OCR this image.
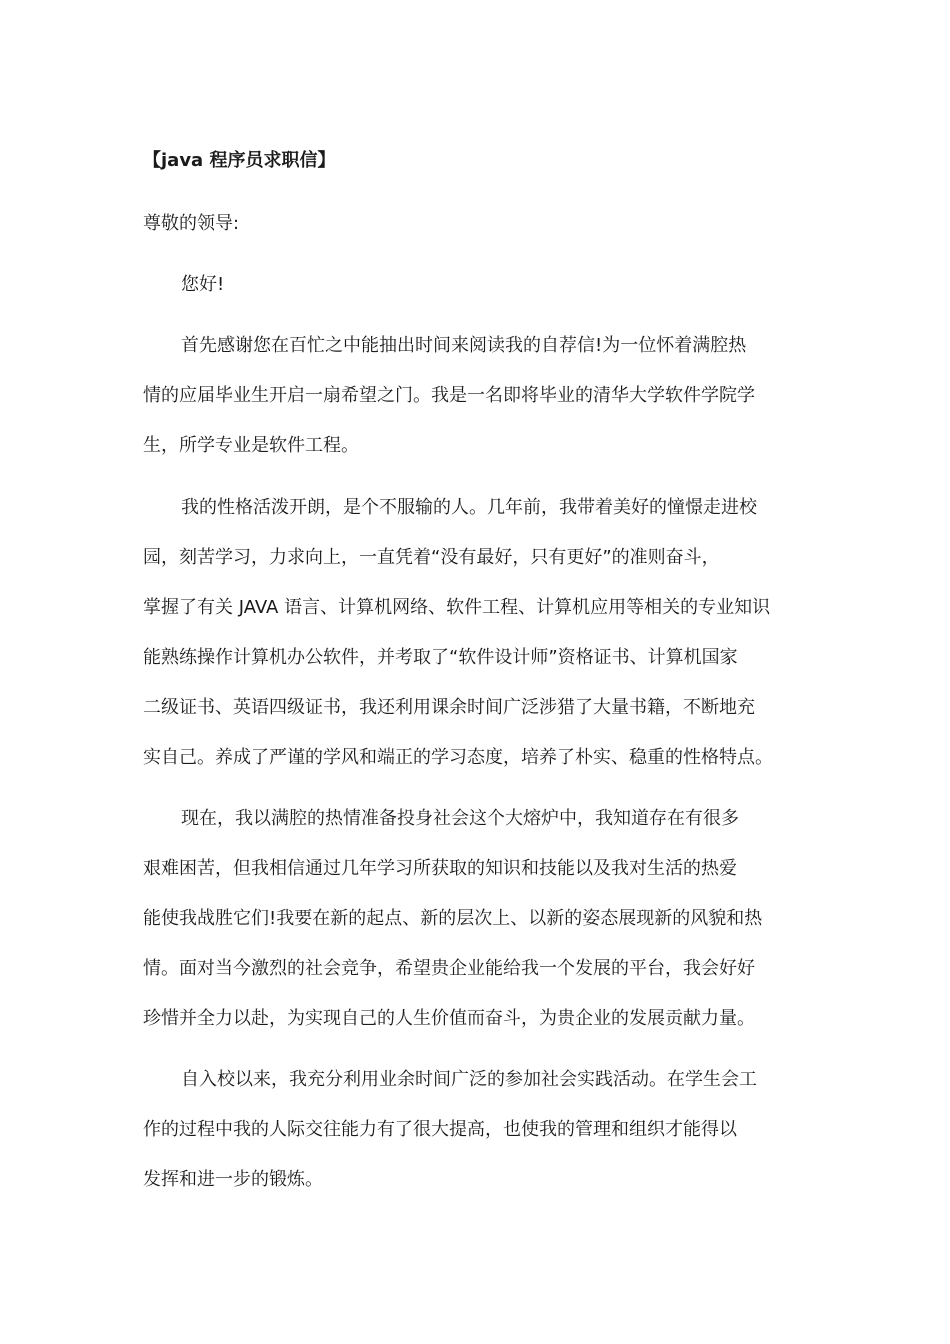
【java 程序员求职信】
尊敬的领导:
您好!
首先感谢您在百忙之中能抽出时间来阅读我的自荐信!为一位怀着满腔热
情的应届毕业生开启一扇希望之门。我是一名即将毕业的清华大学软件学院学
生，所学专业是软件工程。
我的性格活泼开朗，是个不服输的人。几年前，我带着美好的憧憬走进校
园，刻苦学习，力求向上，一直凭着“没有最好，只有更好”的准则奋斗，
掌握了有关 JAVA 语言、计算机网络、软件工程、计算机应用等相关的专业知识
能熟练操作计算机办公软件，并考取了“软件设计师”资格证书、计算机国家
二级证书、英语四级证书，我还利用课余时间广泛涉猎了大量书籍，不断地充
实自己。养成了严谨的学风和端正的学习态度，培养了朴实、稳重的性格特点。
现在，我以满腔的热情准备投身社会这个大熔炉中，我知道存在有很多
艰难困苦，但我相信通过几年学习所获取的知识和技能以及我对生活的热爱
能使我战胜它们!我要在新的起点、新的层次上、以新的姿态展现新的风貌和热
情。面对当今激烈的社会竞争，希望贵企业能给我一个发展的平台，我会好好
珍惜并全力以赴，为实现自己的人生价值而奋斗，为贵企业的发展贡献力量。
自入校以来，我充分利用业余时间广泛的参加社会实践活动。在学生会工
作的过程中我的人际交往能力有了很大提高，也使我的管理和组织才能得以
发挥和进一步的锻炼。
